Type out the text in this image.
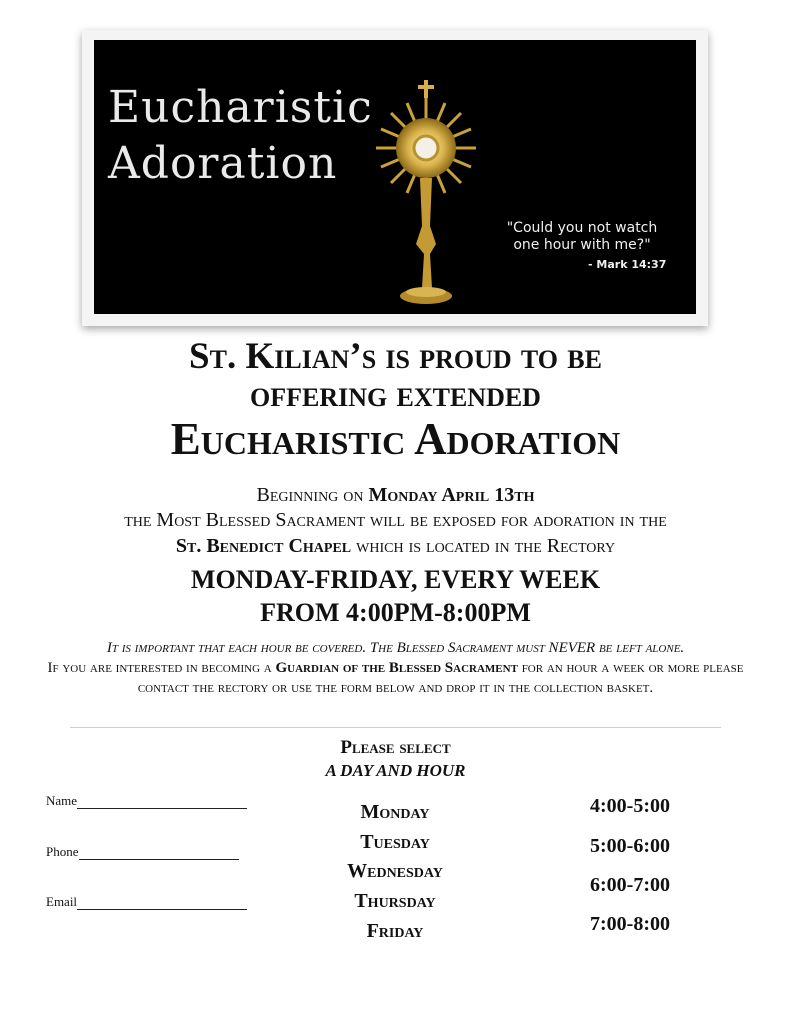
Eucharistic
Adoration
"Could you not watch
one hour with me?"
- Mark 14:37
St. Kilian’s is proud to be
offering extended
Eucharistic Adoration
Beginning on Monday April 13th
the Most Blessed Sacrament will be exposed for adoration in the
St. Benedict Chapel which is located in the Rectory
MONDAY-FRIDAY, EVERY WEEK
FROM 4:00PM-8:00PM
It is important that each hour be covered. The Blessed Sacrament must NEVER be left alone.
If you are interested in becoming a Guardian of the Blessed Sacrament for an hour a week or more please contact the rectory or use the form below and drop it in the collection basket.
Please select
A DAY AND HOUR
Name
Phone
Email
Monday
Tuesday
Wednesday
Thursday
Friday
4:00-5:00
5:00-6:00
6:00-7:00
7:00-8:00
